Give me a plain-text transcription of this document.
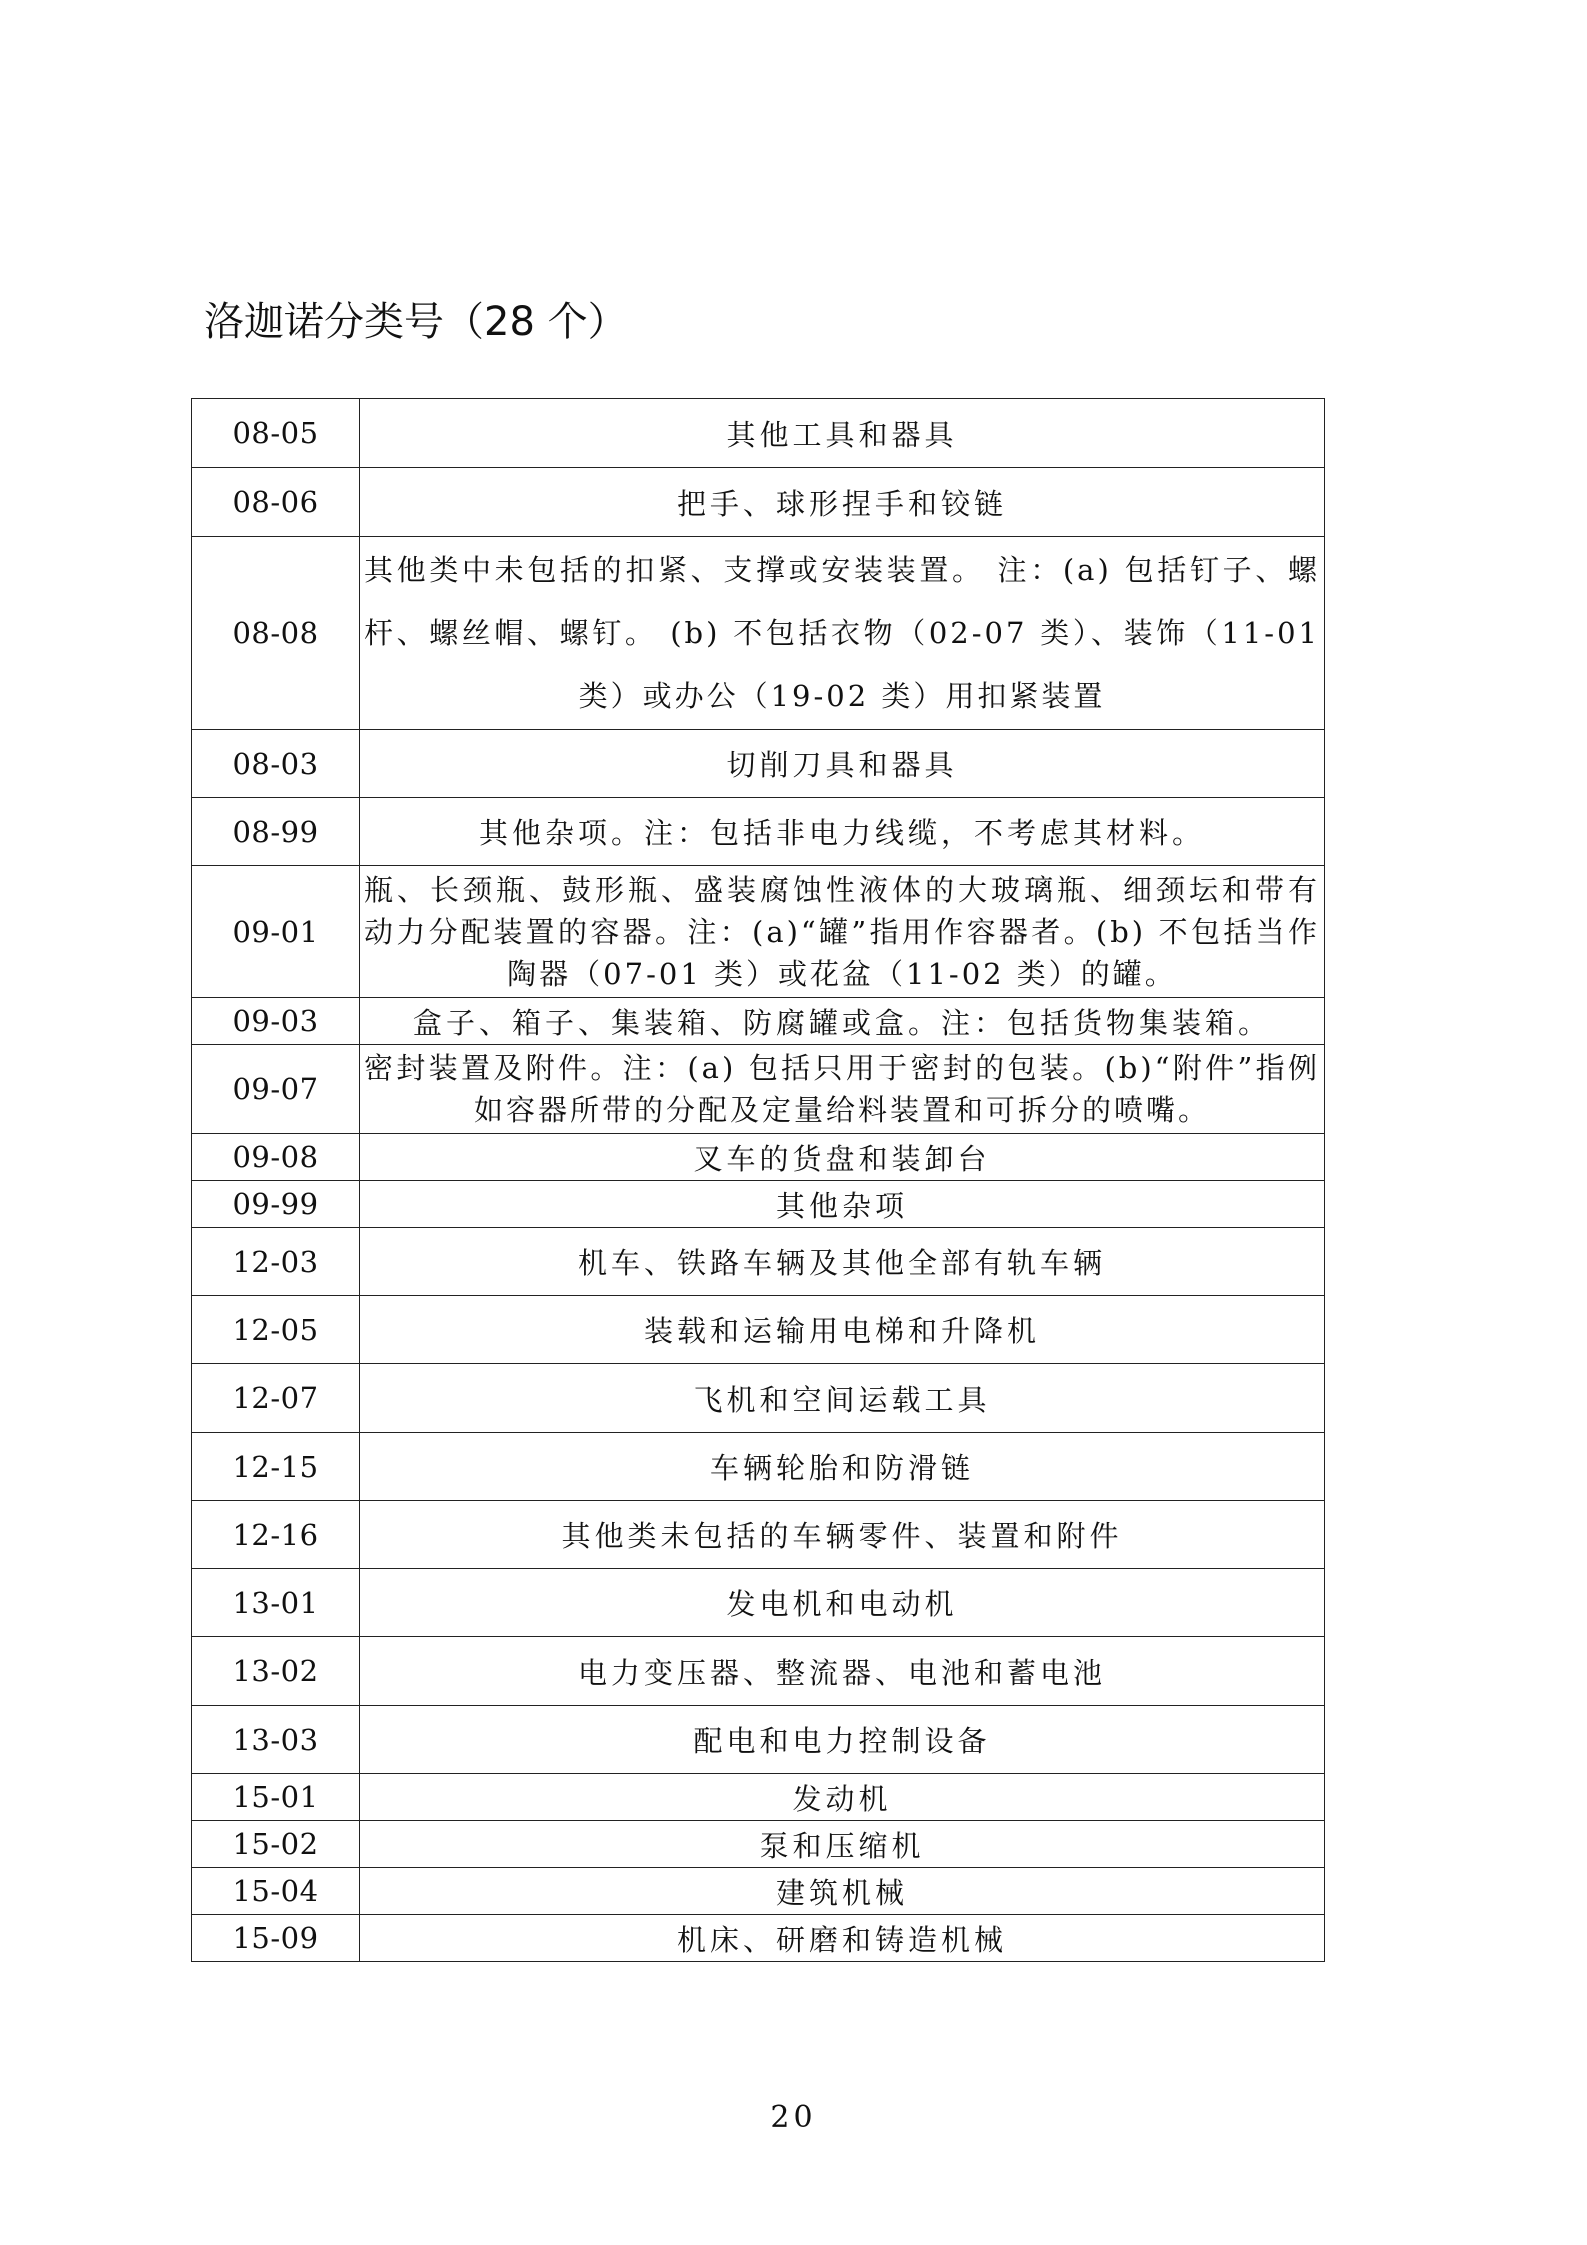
洛迦诺分类号（28 个）
08-05	其他工具和器具
08-06	把手、球形捏手和铰链
08-08	其他类中未包括的扣紧、支撑或安装装置。 注：(a) 包括钉子、螺杆、螺丝帽、螺钉。 (b) 不包括衣物（02-07 类）、装饰（11-01 类）或办公（19-02 类）用扣紧装置
08-03	切削刀具和器具
08-99	其他杂项。注：包括非电力线缆，不考虑其材料。
09-01	瓶、长颈瓶、鼓形瓶、盛装腐蚀性液体的大玻璃瓶、细颈坛和带有动力分配装置的容器。注：(a)“罐”指用作容器者。(b) 不包括当作陶器（07-01 类）或花盆（11-02 类）的罐。
09-03	盒子、箱子、集装箱、防腐罐或盒。注：包括货物集装箱。
09-07	密封装置及附件。注：(a) 包括只用于密封的包装。(b)“附件”指例如容器所带的分配及定量给料装置和可拆分的喷嘴。
09-08	叉车的货盘和装卸台
09-99	其他杂项
12-03	机车、铁路车辆及其他全部有轨车辆
12-05	装载和运输用电梯和升降机
12-07	飞机和空间运载工具
12-15	车辆轮胎和防滑链
12-16	其他类未包括的车辆零件、装置和附件
13-01	发电机和电动机
13-02	电力变压器、整流器、电池和蓄电池
13-03	配电和电力控制设备
15-01	发动机
15-02	泵和压缩机
15-04	建筑机械
15-09	机床、研磨和铸造机械
20
